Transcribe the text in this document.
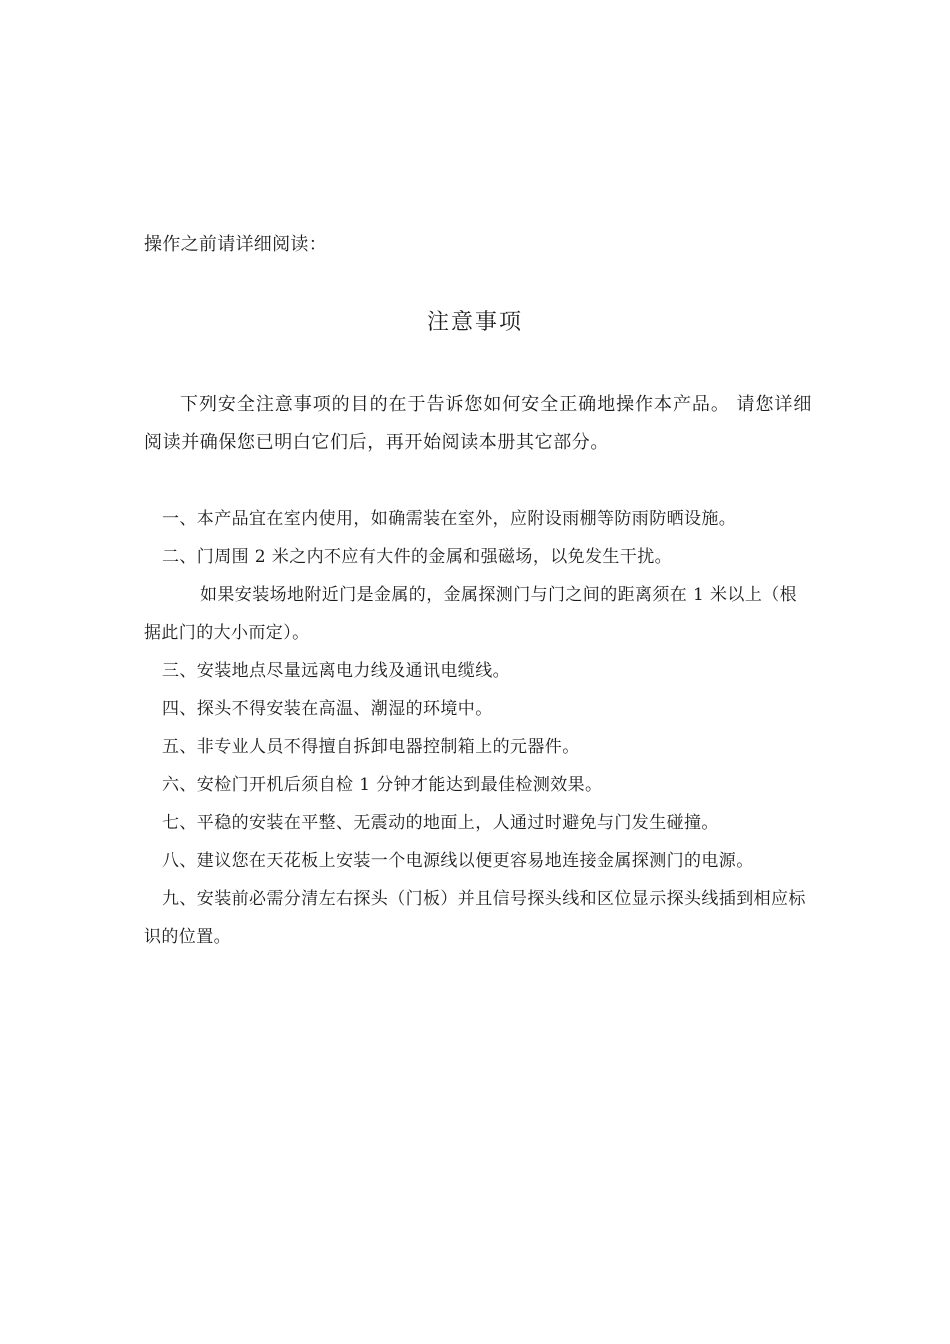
操作之前请详细阅读：
注意事项
下列安全注意事项的目的在于告诉您如何安全正确地操作本产品。 请您详细阅读并确保您已明白它们后，再开始阅读本册其它部分。
一、本产品宜在室内使用，如确需装在室外，应附设雨棚等防雨防晒设施。
二、门周围 2 米之内不应有大件的金属和强磁场，以免发生干扰。
如果安装场地附近门是金属的，金属探测门与门之间的距离须在 1 米以上（根据此门的大小而定）。
三、安装地点尽量远离电力线及通讯电缆线。
四、探头不得安装在高温、潮湿的环境中。
五、非专业人员不得擅自拆卸电器控制箱上的元器件。
六、安检门开机后须自检 1 分钟才能达到最佳检测效果。
七、平稳的安装在平整、无震动的地面上，人通过时避免与门发生碰撞。
八、建议您在天花板上安装一个电源线以便更容易地连接金属探测门的电源。
九、安装前必需分清左右探头（门板）并且信号探头线和区位显示探头线插到相应标识的位置。
